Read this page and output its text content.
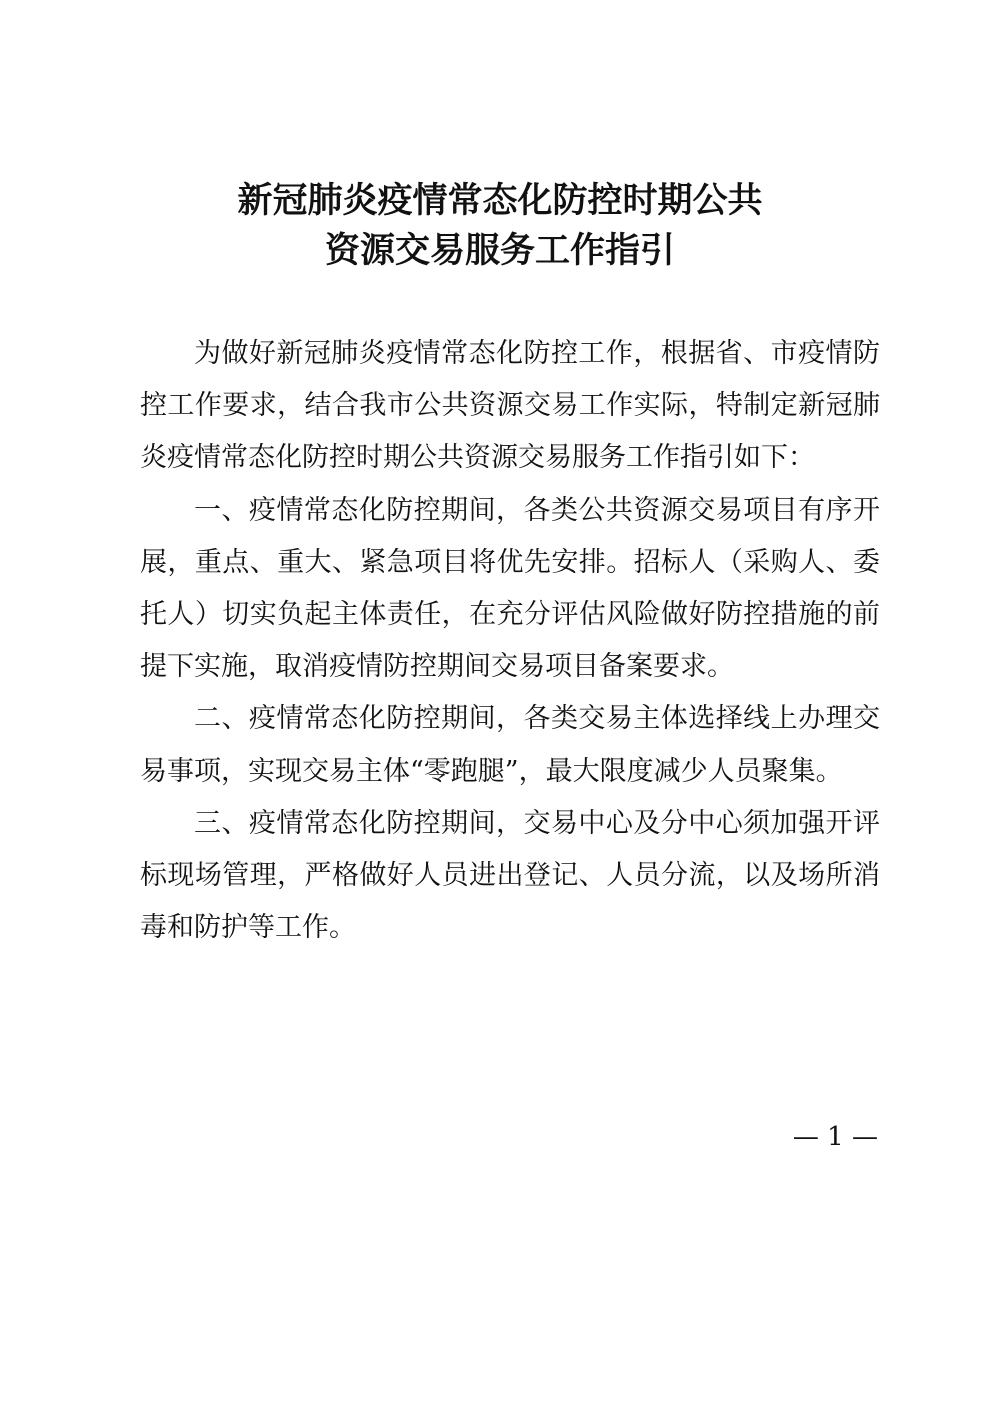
新冠肺炎疫情常态化防控时期公共
资源交易服务工作指引

为做好新冠肺炎疫情常态化防控工作，根据省、市疫情防控工作要求，结合我市公共资源交易工作实际，特制定新冠肺炎疫情常态化防控时期公共资源交易服务工作指引如下：

一、疫情常态化防控期间，各类公共资源交易项目有序开展，重点、重大、紧急项目将优先安排。招标人（采购人、委托人）切实负起主体责任，在充分评估风险做好防控措施的前提下实施，取消疫情防控期间交易项目备案要求。

二、疫情常态化防控期间，各类交易主体选择线上办理交易事项，实现交易主体“零跑腿”，最大限度减少人员聚集。

三、疫情常态化防控期间，交易中心及分中心须加强开评标现场管理，严格做好人员进出登记、人员分流，以及场所消毒和防护等工作。

— 1 —
